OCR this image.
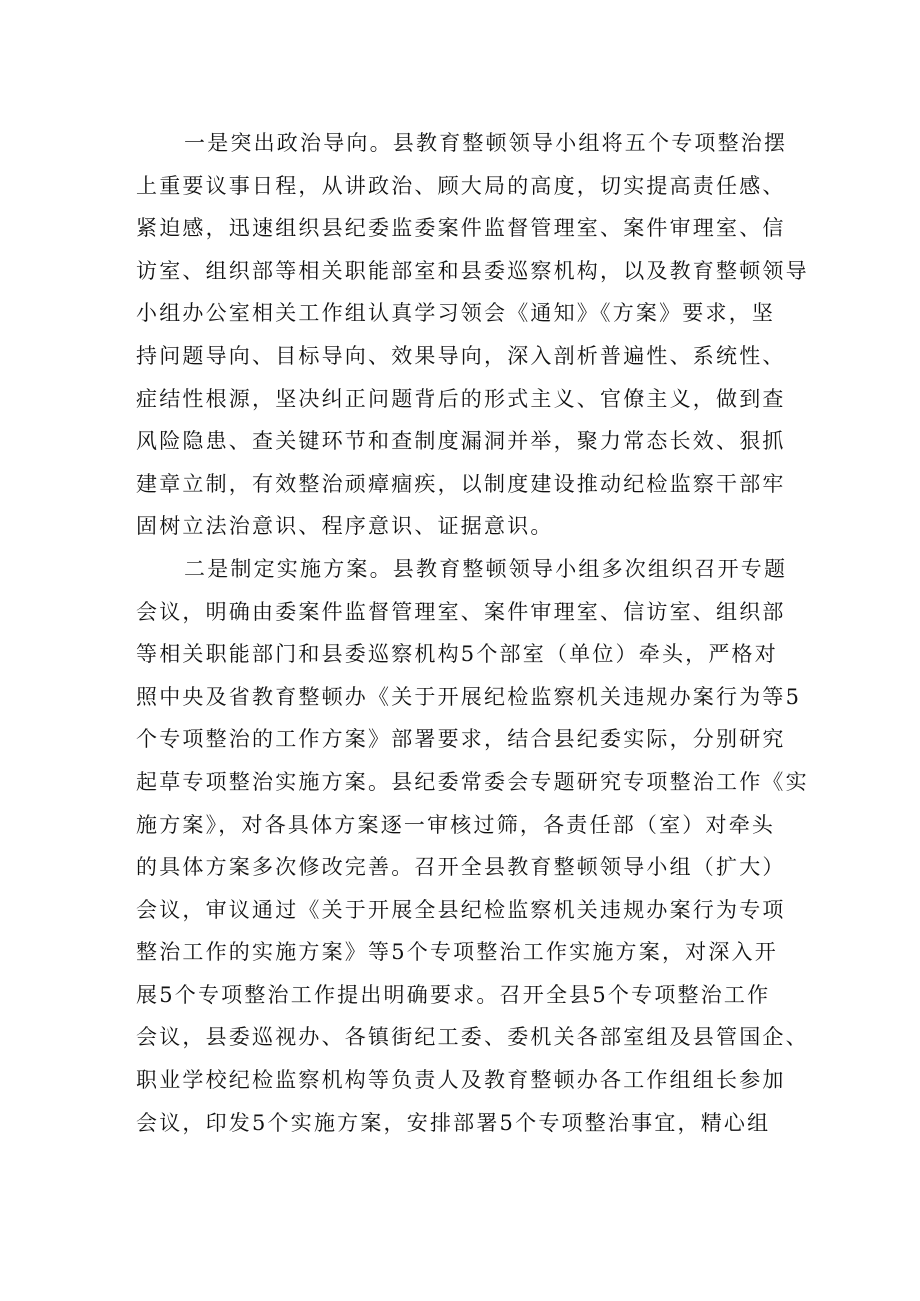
一是突出政治导向。县教育整顿领导小组将五个专项整治摆
上重要议事日程，从讲政治、顾大局的高度，切实提高责任感、
紧迫感，迅速组织县纪委监委案件监督管理室、案件审理室、信
访室、组织部等相关职能部室和县委巡察机构，以及教育整顿领导
小组办公室相关工作组认真学习领会《通知》《方案》要求，坚
持问题导向、目标导向、效果导向，深入剖析普遍性、系统性、
症结性根源，坚决纠正问题背后的形式主义、官僚主义，做到查
风险隐患、查关键环节和查制度漏洞并举，聚力常态长效、狠抓
建章立制，有效整治顽瘴痼疾，以制度建设推动纪检监察干部牢
固树立法治意识、程序意识、证据意识。
二是制定实施方案。县教育整顿领导小组多次组织召开专题
会议，明确由委案件监督管理室、案件审理室、信访室、组织部
等相关职能部门和县委巡察机构5个部室（单位）牵头，严格对
照中央及省教育整顿办《关于开展纪检监察机关违规办案行为等5
个专项整治的工作方案》部署要求，结合县纪委实际，分别研究
起草专项整治实施方案。县纪委常委会专题研究专项整治工作《实
施方案》，对各具体方案逐一审核过筛，各责任部（室）对牵头
的具体方案多次修改完善。召开全县教育整顿领导小组（扩大）
会议，审议通过《关于开展全县纪检监察机关违规办案行为专项
整治工作的实施方案》等5个专项整治工作实施方案，对深入开
展5个专项整治工作提出明确要求。召开全县5个专项整治工作
会议，县委巡视办、各镇街纪工委、委机关各部室组及县管国企、
职业学校纪检监察机构等负责人及教育整顿办各工作组组长参加
会议，印发5个实施方案，安排部署5个专项整治事宜，精心组
